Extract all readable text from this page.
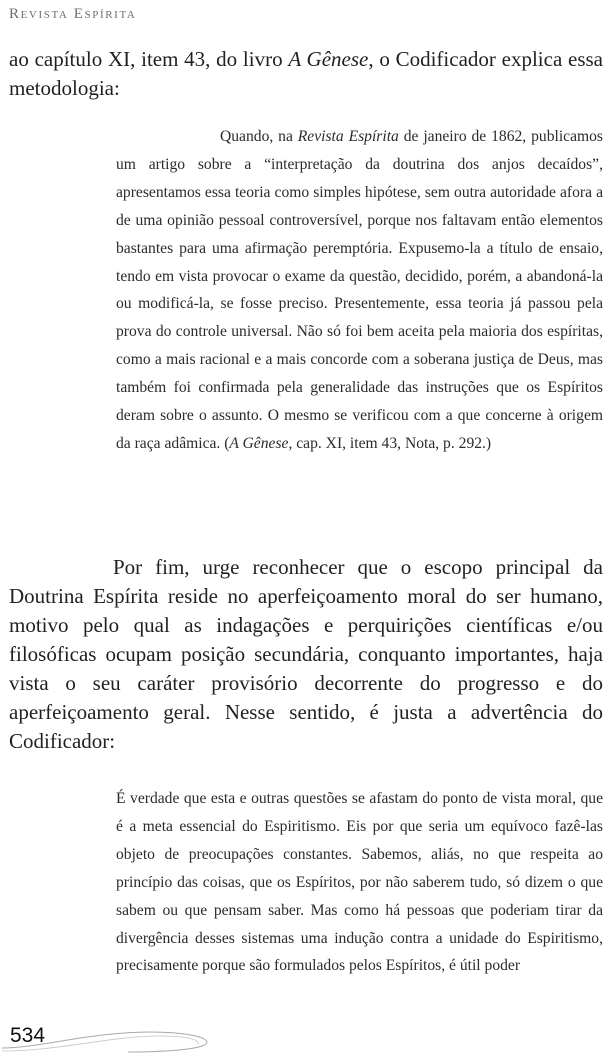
Revista Espírita

ao capítulo XI, item 43, do livro A Gênese, o Codificador explica essa metodologia:

Quando, na Revista Espírita de janeiro de 1862, publicamos um artigo sobre a “interpretação da doutrina dos anjos decaídos”, apresentamos essa teoria como simples hipótese, sem outra autoridade afora a de uma opinião pessoal controversível, porque nos faltavam então elementos bastantes para uma afirmação peremptória. Expusemo-la a título de ensaio, tendo em vista provocar o exame da questão, decidido, porém, a abandoná-la ou modificá-la, se fosse preciso. Presentemente, essa teoria já passou pela prova do controle universal. Não só foi bem aceita pela maioria dos espíritas, como a mais racional e a mais concorde com a soberana justiça de Deus, mas também foi confirmada pela generalidade das instruções que os Espíritos deram sobre o assunto. O mesmo se verificou com a que concerne à origem da raça adâmica. (A Gênese, cap. XI, item 43, Nota, p. 292.)

Por fim, urge reconhecer que o escopo principal da Doutrina Espírita reside no aperfeiçoamento moral do ser humano, motivo pelo qual as indagações e perquirições científicas e/ou filosóficas ocupam posição secundária, conquanto importantes, haja vista o seu caráter provisório decorrente do progresso e do aperfeiçoamento geral. Nesse sentido, é justa a advertência do Codificador:

É verdade que esta e outras questões se afastam do ponto de vista moral, que é a meta essencial do Espiritismo. Eis por que seria um equívoco fazê-las objeto de preocupações constantes. Sabemos, aliás, no que respeita ao princípio das coisas, que os Espíritos, por não saberem tudo, só dizem o que sabem ou que pensam saber. Mas como há pessoas que poderiam tirar da divergência desses sistemas uma indução contra a unidade do Espiritismo, precisamente porque são formulados pelos Espíritos, é útil poder

534
